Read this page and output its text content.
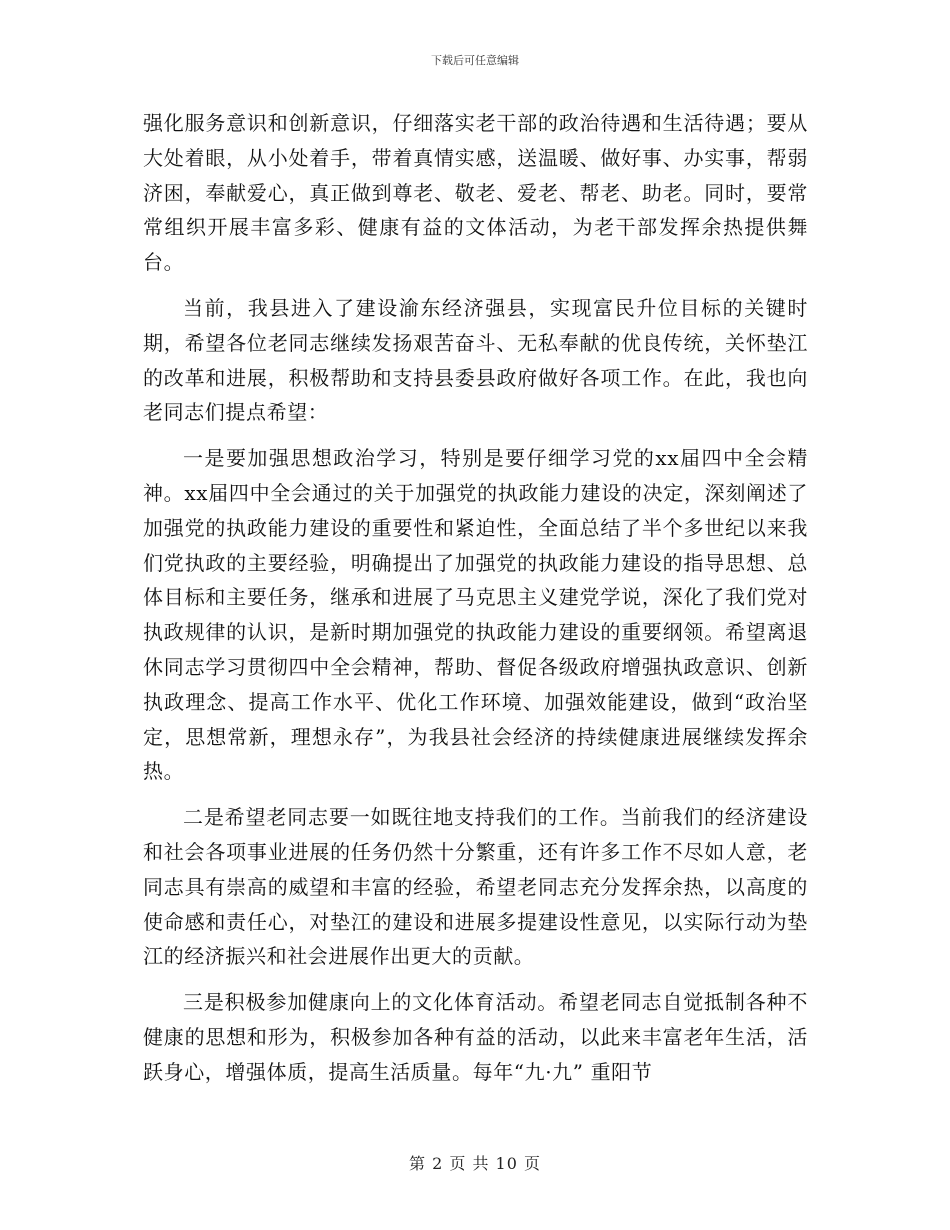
下载后可任意编辑

强化服务意识和创新意识，仔细落实老干部的政治待遇和生活待遇；要从大处着眼，从小处着手，带着真情实感，送温暖、做好事、办实事，帮弱济困，奉献爱心，真正做到尊老、敬老、爱老、帮老、助老。同时，要常常组织开展丰富多彩、健康有益的文体活动，为老干部发挥余热提供舞台。

当前，我县进入了建设渝东经济强县，实现富民升位目标的关键时期，希望各位老同志继续发扬艰苦奋斗、无私奉献的优良传统，关怀垫江的改革和进展，积极帮助和支持县委县政府做好各项工作。在此，我也向老同志们提点希望：

一是要加强思想政治学习，特别是要仔细学习党的xx届四中全会精神。xx届四中全会通过的关于加强党的执政能力建设的决定，深刻阐述了加强党的执政能力建设的重要性和紧迫性，全面总结了半个多世纪以来我们党执政的主要经验，明确提出了加强党的执政能力建设的指导思想、总体目标和主要任务，继承和进展了马克思主义建党学说，深化了我们党对执政规律的认识，是新时期加强党的执政能力建设的重要纲领。希望离退休同志学习贯彻四中全会精神，帮助、督促各级政府增强执政意识、创新执政理念、提高工作水平、优化工作环境、加强效能建设，做到“政治坚定，思想常新，理想永存”，为我县社会经济的持续健康进展继续发挥余热。

二是希望老同志要一如既往地支持我们的工作。当前我们的经济建设和社会各项事业进展的任务仍然十分繁重，还有许多工作不尽如人意，老同志具有崇高的威望和丰富的经验，希望老同志充分发挥余热，以高度的使命感和责任心，对垫江的建设和进展多提建设性意见，以实际行动为垫江的经济振兴和社会进展作出更大的贡献。

三是积极参加健康向上的文化体育活动。希望老同志自觉抵制各种不健康的思想和形为，积极参加各种有益的活动，以此来丰富老年生活，活跃身心，增强体质，提高生活质量。每年“九·九” 重阳节

第 2 页 共 10 页
